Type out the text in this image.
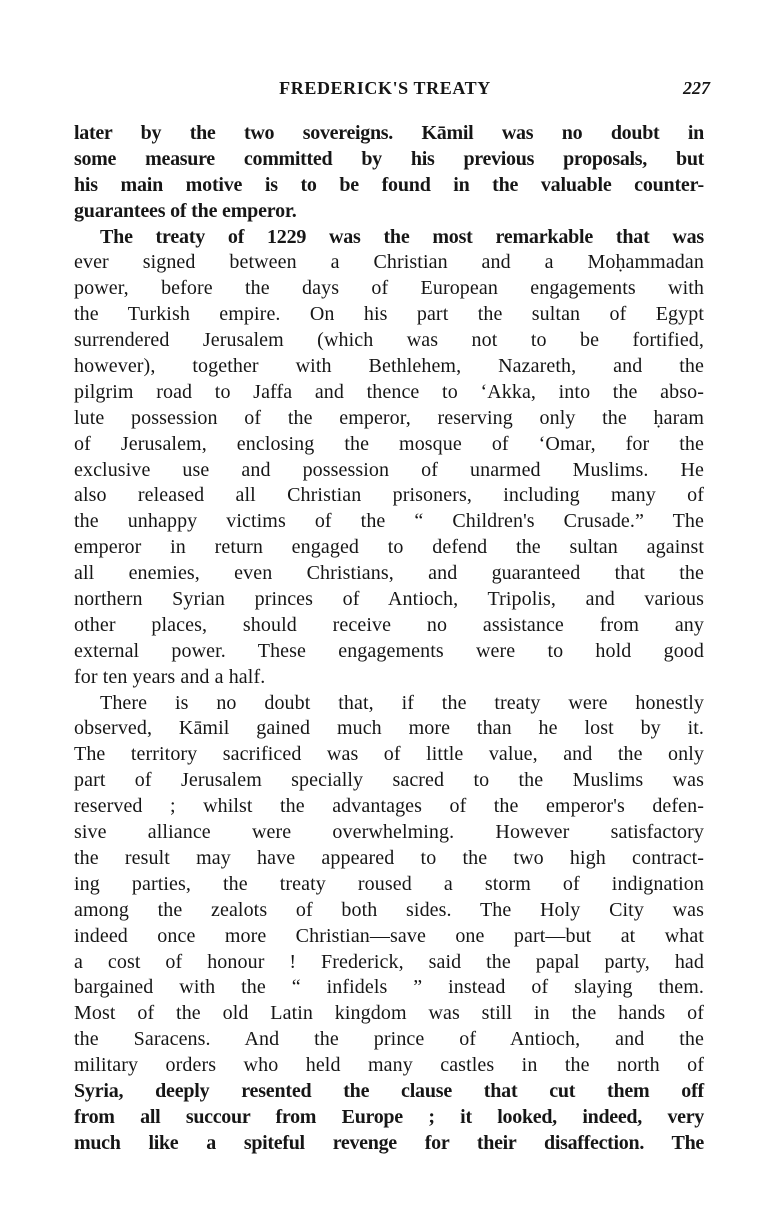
FREDERICK'S TREATY	227
later by the two sovereigns. Kāmil was no doubt in
some measure committed by his previous proposals, but
his main motive is to be found in the valuable counter-
guarantees of the emperor.
The treaty of 1229 was the most remarkable that was
ever signed between a Christian and a Moḥammadan
power, before the days of European engagements with
the Turkish empire. On his part the sultan of Egypt
surrendered Jerusalem (which was not to be fortified,
however), together with Bethlehem, Nazareth, and the
pilgrim road to Jaffa and thence to ‘Akka, into the abso-
lute possession of the emperor, reserving only the ḥaram
of Jerusalem, enclosing the mosque of ‘Omar, for the
exclusive use and possession of unarmed Muslims. He
also released all Christian prisoners, including many of
the unhappy victims of the “ Children's Crusade.” The
emperor in return engaged to defend the sultan against
all enemies, even Christians, and guaranteed that the
northern Syrian princes of Antioch, Tripolis, and various
other places, should receive no assistance from any
external power. These engagements were to hold good
for ten years and a half.
There is no doubt that, if the treaty were honestly
observed, Kāmil gained much more than he lost by it.
The territory sacrificed was of little value, and the only
part of Jerusalem specially sacred to the Muslims was
reserved ; whilst the advantages of the emperor's defen-
sive alliance were overwhelming. However satisfactory
the result may have appeared to the two high contract-
ing parties, the treaty roused a storm of indignation
among the zealots of both sides. The Holy City was
indeed once more Christian—save one part—but at what
a cost of honour ! Frederick, said the papal party, had
bargained with the “ infidels ” instead of slaying them.
Most of the old Latin kingdom was still in the hands of
the Saracens. And the prince of Antioch, and the
military orders who held many castles in the north of
Syria, deeply resented the clause that cut them off
from all succour from Europe ; it looked, indeed, very
much like a spiteful revenge for their disaffection. The
